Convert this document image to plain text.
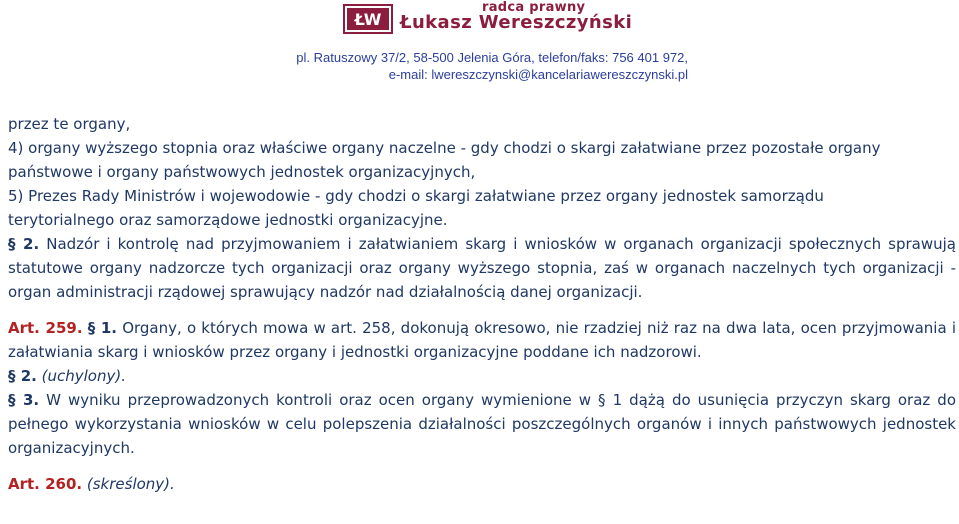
ŁW
radca prawny
Łukasz Wereszczyński
pl. Ratuszowy 37/2, 58-500 Jelenia Góra, telefon/faks: 756 401 972,
e-mail: lwereszczynski@kancelariawereszczynski.pl

przez te organy,

4) organy wyższego stopnia oraz właściwe organy naczelne - gdy chodzi o skargi załatwiane przez pozostałe organy

państwowe i organy państwowych jednostek organizacyjnych,

5) Prezes Rady Ministrów i wojewodowie - gdy chodzi o skargi załatwiane przez organy jednostek samorządu

terytorialnego oraz samorządowe jednostki organizacyjne.

§ 2. Nadzór i kontrolę nad przyjmowaniem i załatwianiem skarg i wniosków w organach organizacji społecznych sprawują statutowe organy nadzorcze tych organizacji oraz organy wyższego stopnia, zaś w organach naczelnych tych organizacji - organ administracji rządowej sprawujący nadzór nad działalnością danej organizacji.

Art. 259. § 1. Organy, o których mowa w art. 258, dokonują okresowo, nie rzadziej niż raz na dwa lata, ocen przyjmowania i załatwiania skarg i wniosków przez organy i jednostki organizacyjne poddane ich nadzorowi.

§ 2. (uchylony).

§ 3. W wyniku przeprowadzonych kontroli oraz ocen organy wymienione w § 1 dążą do usunięcia przyczyn skarg oraz do pełnego wykorzystania wniosków w celu polepszenia działalności poszczególnych organów i innych państwowych jednostek organizacyjnych.

Art. 260. (skreślony).
